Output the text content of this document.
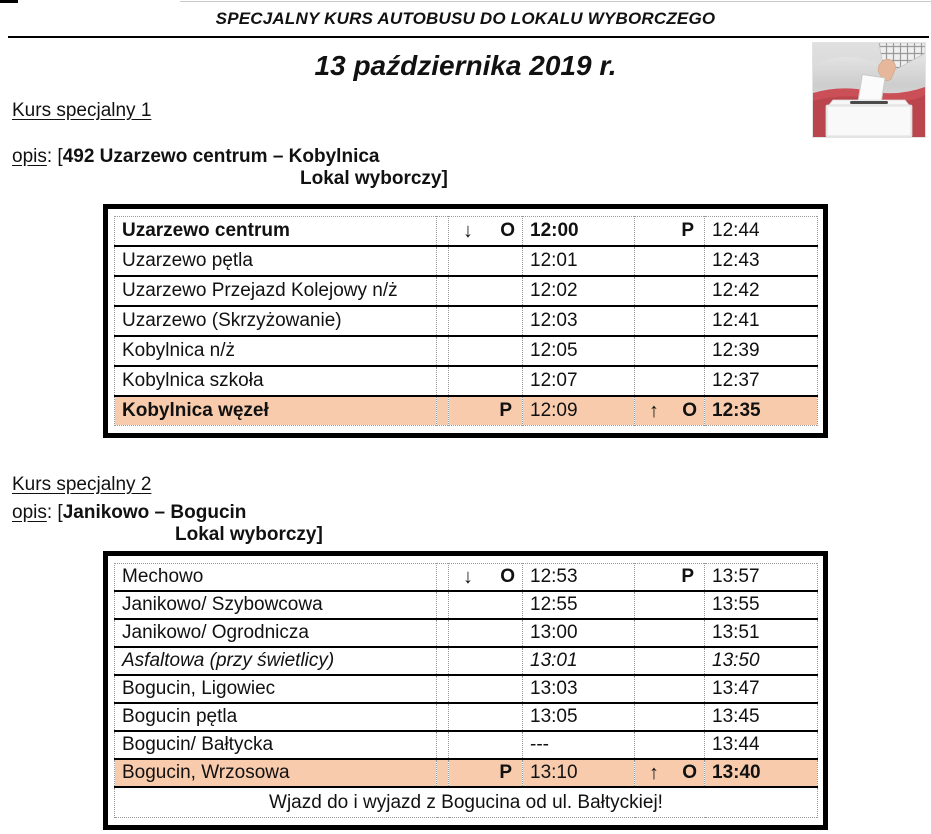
SPECJALNY KURS AUTOBUSU DO LOKALU WYBORCZEGO
13 października 2019 r.
Kurs specjalny 1
opis: [492 Uzarzewo centrum – Kobylnica
Lokal wyborczy]
Uzarzewo centrum		↓ O	12:00	P	12:44
Uzarzewo pętla			12:01		12:43
Uzarzewo Przejazd Kolejowy n/ż			12:02		12:42
Uzarzewo (Skrzyżowanie)			12:03		12:41
Kobylnica n/ż			12:05		12:39
Kobylnica szkoła			12:07		12:37
Kobylnica węzeł		P	12:09	↑ O	12:35
Kurs specjalny 2
opis: [Janikowo – Bogucin
Lokal wyborczy]
Mechowo		↓ O	12:53	P	13:57
Janikowo/ Szybowcowa			12:55		13:55
Janikowo/ Ogrodnicza			13:00		13:51
Asfaltowa (przy świetlicy)			13:01		13:50
Bogucin, Ligowiec			13:03		13:47
Bogucin pętla			13:05		13:45
Bogucin/ Bałtycka			---		13:44
Bogucin, Wrzosowa		P	13:10	↑ O	13:40
Wjazd do i wyjazd z Bogucina od ul. Bałtyckiej!					
